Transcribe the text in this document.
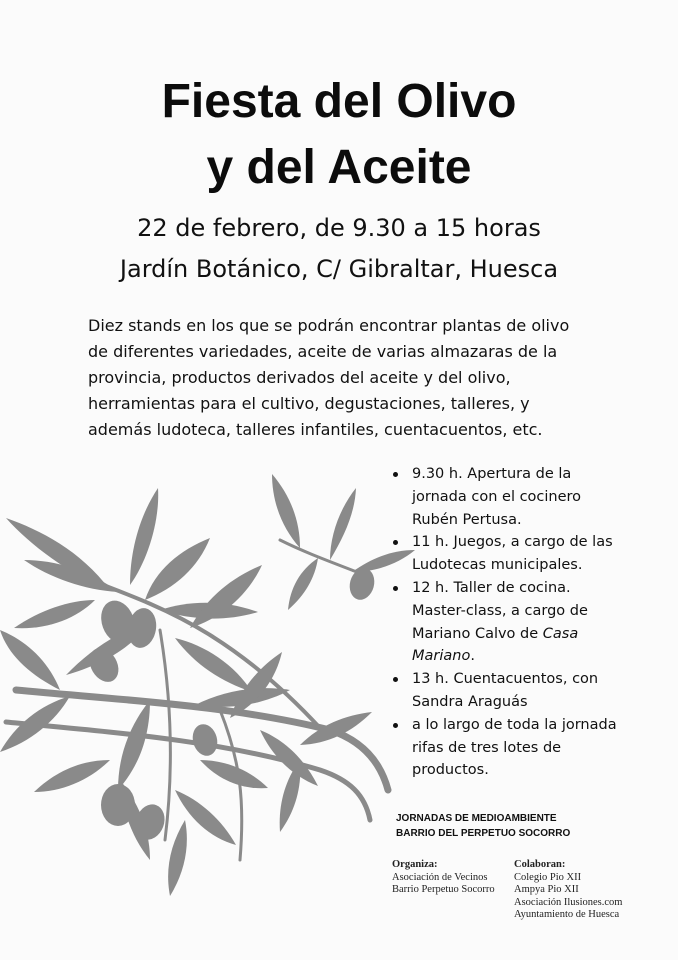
Fiesta del Olivo
y del Aceite
22 de febrero, de 9.30 a 15 horas
Jardín Botánico, C/ Gibraltar, Huesca
Diez stands en los que se podrán encontrar plantas de olivo
de diferentes variedades, aceite de varias almazaras de la
provincia, productos derivados del aceite y del olivo,
herramientas para el cultivo, degustaciones, talleres, y
además ludoteca, talleres infantiles, cuentacuentos, etc.
9.30 h. Apertura de la
jornada con el cocinero
Rubén Pertusa.
11 h. Juegos, a cargo de las
Ludotecas municipales.
12 h. Taller de cocina.
Master-class, a cargo de
Mariano Calvo de Casa
Mariano.
13 h. Cuentacuentos, con
Sandra Araguás
a lo largo de toda la jornada
rifas de tres lotes de
productos.
JORNADAS DE MEDIOAMBIENTE
BARRIO DEL PERPETUO SOCORRO
Organiza:
Asociación de Vecinos
Barrio Perpetuo Socorro
Colaboran:
Colegio Pio XII
Ampya Pio XII
Asociación Ilusiones.com
Ayuntamiento de Huesca
